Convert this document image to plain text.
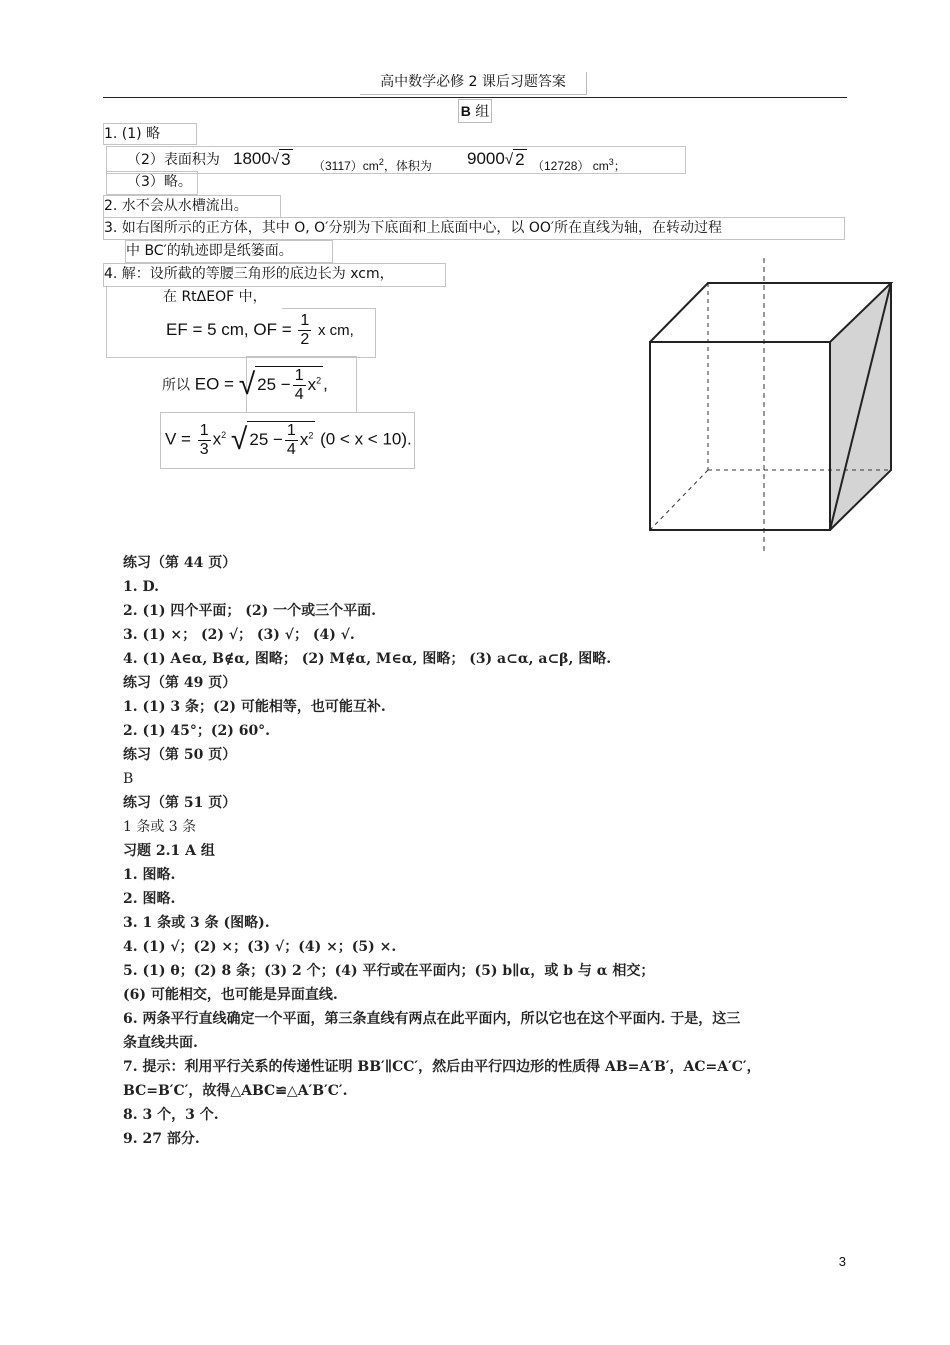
高中数学必修 2 课后习题答案
B 组
1. (1) 略
（2）表面积为 1800√ 3 $(3117)cm^2$，体积为 9000√ 2 （12728） $cm^3$；
（3）略。
2. 水不会从水槽流出。
3. 如右图所示的正方体，其中 O, O′分别为下底面和上底面中心，以 OO′所在直线为轴，在转动过程
中 BC′的轨迹即是纸篓面。
4. 解：设所截的等腰三角形的底边长为 xcm，
在 RtΔEOF 中，
EF = 5 cm, OF = $\frac{1}{2}$ x cm,
所以 EO = √ $25 - \frac{1}{4} x^2$ ,
$V = \frac{1}{3} x^2$ √ $25 - \frac{1}{4} x^2$ (0 < x < 10).
练习（第 44 页）
1. D.
2. (1) 四个平面； (2) 一个或三个平面.
3. (1) ×； (2) √； (3) √； (4) √.
4. (1) A∈α, B∉α, 图略； (2) M∉α, M∈α, 图略； (3) a⊂α, a⊂β, 图略.
练习（第 49 页）
1. (1) 3 条；(2) 可能相等，也可能互补.
2. (1) 45°；(2) 60°.
练习（第 50 页）
B
练习（第 51 页）
1 条或 3 条
习题 2.1 A 组
1. 图略.
2. 图略.
3. 1 条或 3 条 (图略).
4. (1) √；(2) ×；(3) √；(4) ×；(5) ×.
5. (1) θ；(2) 8 条；(3) 2 个；(4) 平行或在平面内；(5) b∥α，或 b 与 α 相交；
(6) 可能相交，也可能是异面直线.
6. 两条平行直线确定一个平面，第三条直线有两点在此平面内，所以它也在这个平面内. 于是，这三
条直线共面.
7. 提示：利用平行关系的传递性证明 BB′∥CC′，然后由平行四边形的性质得 AB=A′B′，AC=A′C′，
BC=B′C′，故得△ABC≌△A′B′C′.
8. 3 个，3 个.
9. 27 部分.
3
